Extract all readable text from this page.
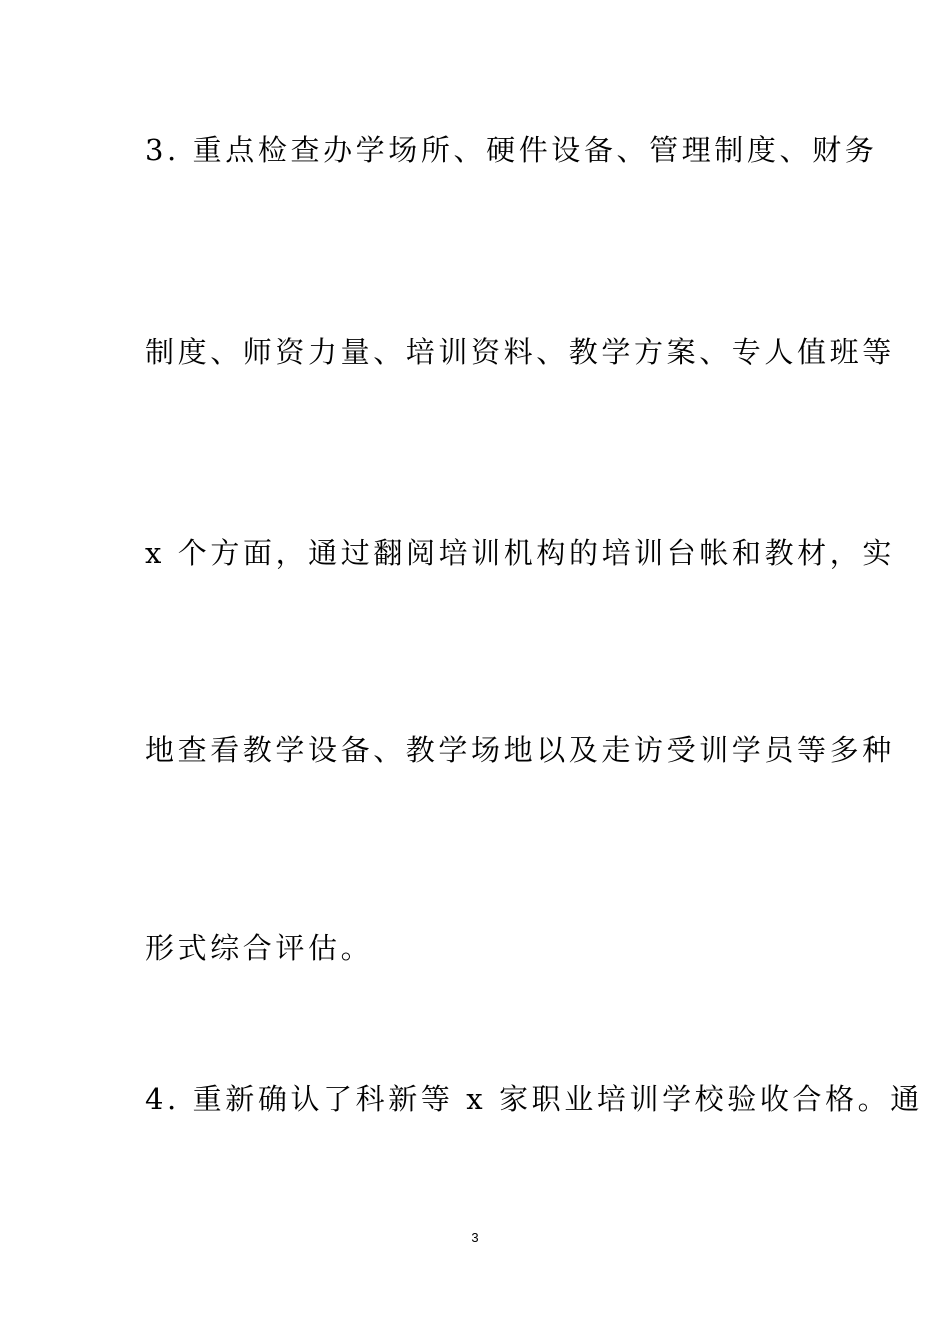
3. 重点检查办学场所、硬件设备、管理制度、财务
制度、师资力量、培训资料、教学方案、专人值班等
x 个方面，通过翻阅培训机构的培训台帐和教材，实
地查看教学设备、教学场地以及走访受训学员等多种
形式综合评估。
4. 重新确认了科新等 x 家职业培训学校验收合格。通
3
